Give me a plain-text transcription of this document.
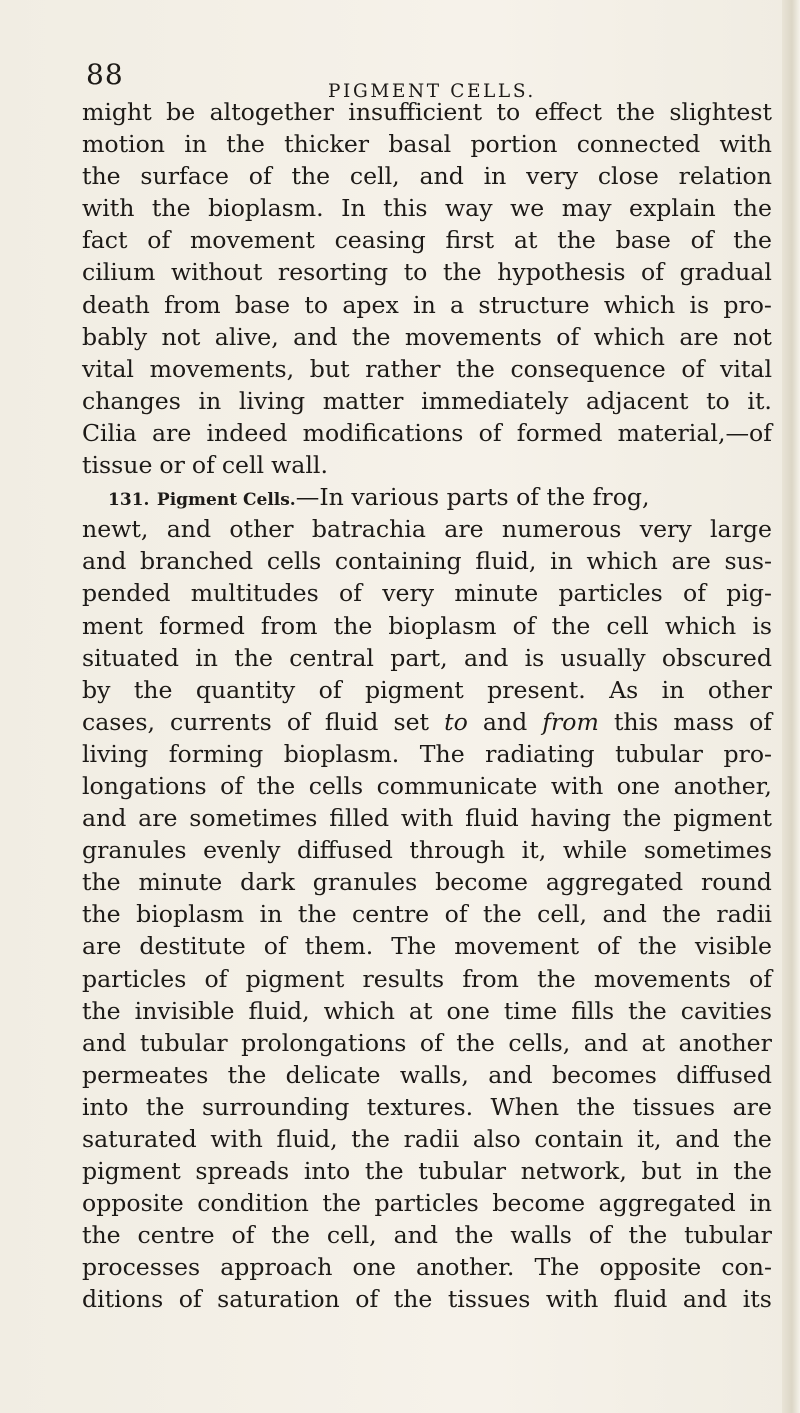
88
PIGMENT CELLS.
might be altogether insufficient to effect the slightest
motion in the thicker basal portion connected with
the surface of the cell, and in very close relation
with the bioplasm. In this way we may explain the
fact of movement ceasing first at the base of the
cilium without resorting to the hypothesis of gradual
death from base to apex in a structure which is pro-
bably not alive, and the movements of which are not
vital movements, but rather the consequence of vital
changes in living matter immediately adjacent to it.
Cilia are indeed modifications of formed material,—of
tissue or of cell wall.
131. Pigment Cells.—In various parts of the frog,
newt, and other batrachia are numerous very large
and branched cells containing fluid, in which are sus-
pended multitudes of very minute particles of pig-
ment formed from the bioplasm of the cell which is
situated in the central part, and is usually obscured
by the quantity of pigment present. As in other
cases, currents of fluid set to and from this mass of
living forming bioplasm. The radiating tubular pro-
longations of the cells communicate with one another,
and are sometimes filled with fluid having the pigment
granules evenly diffused through it, while sometimes
the minute dark granules become aggregated round
the bioplasm in the centre of the cell, and the radii
are destitute of them. The movement of the visible
particles of pigment results from the movements of
the invisible fluid, which at one time fills the cavities
and tubular prolongations of the cells, and at another
permeates the delicate walls, and becomes diffused
into the surrounding textures. When the tissues are
saturated with fluid, the radii also contain it, and the
pigment spreads into the tubular network, but in the
opposite condition the particles become aggregated in
the centre of the cell, and the walls of the tubular
processes approach one another. The opposite con-
ditions of saturation of the tissues with fluid and its
